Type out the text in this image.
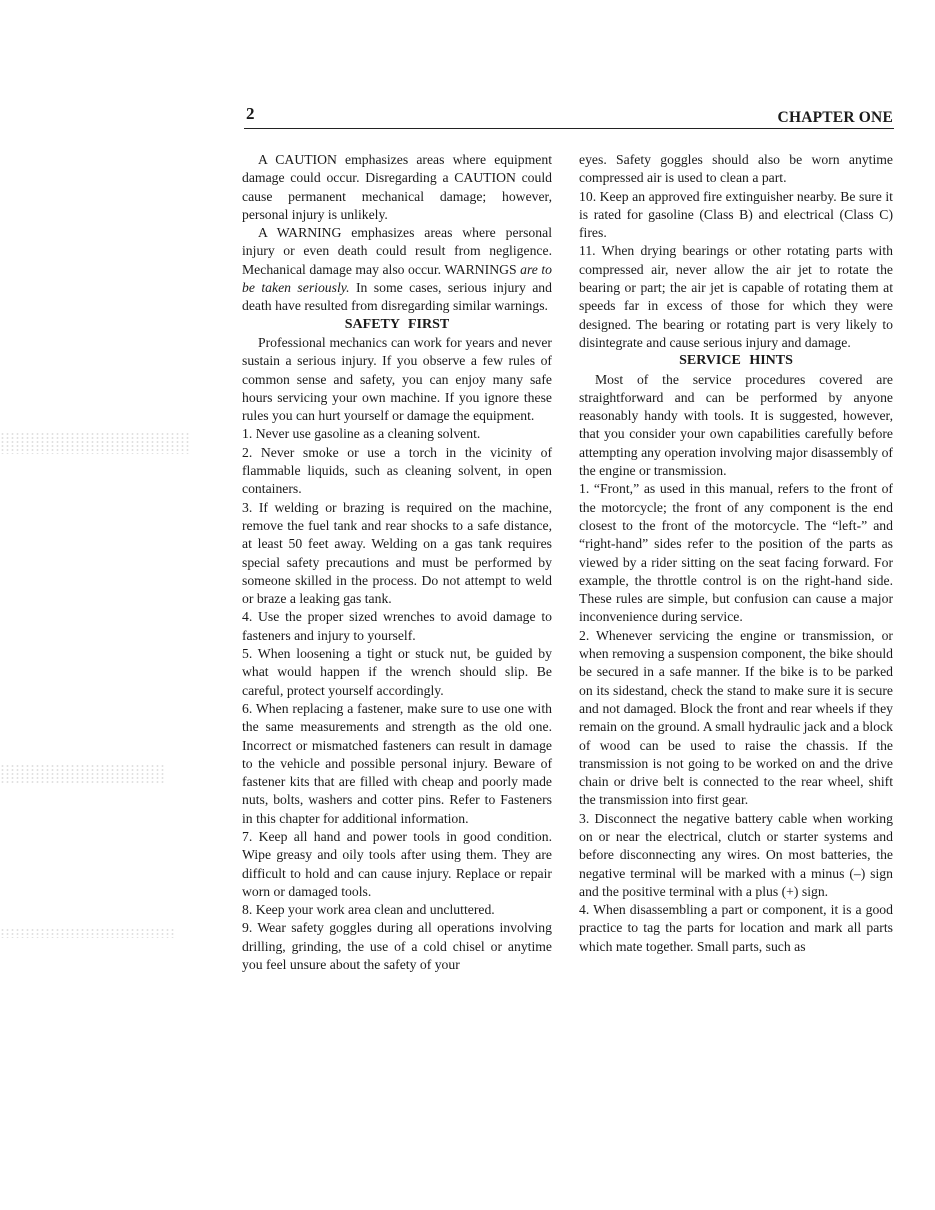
2	CHAPTER ONE

A CAUTION emphasizes areas where equipment damage could occur. Disregarding a CAUTION could cause permanent mechanical damage; however, personal injury is unlikely.

A WARNING emphasizes areas where personal injury or even death could result from negligence. Mechanical damage may also occur. WARNINGS are to be taken seriously. In some cases, serious injury and death have resulted from disregarding similar warnings.

SAFETY FIRST

Professional mechanics can work for years and never sustain a serious injury. If you observe a few rules of common sense and safety, you can enjoy many safe hours servicing your own machine. If you ignore these rules you can hurt yourself or damage the equipment.

1. Never use gasoline as a cleaning solvent.

2. Never smoke or use a torch in the vicinity of flammable liquids, such as cleaning solvent, in open containers.

3. If welding or brazing is required on the machine, remove the fuel tank and rear shocks to a safe distance, at least 50 feet away. Welding on a gas tank requires special safety precautions and must be performed by someone skilled in the process. Do not attempt to weld or braze a leaking gas tank.

4. Use the proper sized wrenches to avoid damage to fasteners and injury to yourself.

5. When loosening a tight or stuck nut, be guided by what would happen if the wrench should slip. Be careful, protect yourself accordingly.

6. When replacing a fastener, make sure to use one with the same measurements and strength as the old one. Incorrect or mismatched fasteners can result in damage to the vehicle and possible personal injury. Beware of fastener kits that are filled with cheap and poorly made nuts, bolts, washers and cotter pins. Refer to Fasteners in this chapter for additional information.

7. Keep all hand and power tools in good condition. Wipe greasy and oily tools after using them. They are difficult to hold and can cause injury. Replace or repair worn or damaged tools.

8. Keep your work area clean and uncluttered.

9. Wear safety goggles during all operations involving drilling, grinding, the use of a cold chisel or anytime you feel unsure about the safety of your

eyes. Safety goggles should also be worn anytime compressed air is used to clean a part.

10. Keep an approved fire extinguisher nearby. Be sure it is rated for gasoline (Class B) and electrical (Class C) fires.

11. When drying bearings or other rotating parts with compressed air, never allow the air jet to rotate the bearing or part; the air jet is capable of rotating them at speeds far in excess of those for which they were designed. The bearing or rotating part is very likely to disintegrate and cause serious injury and damage.

SERVICE HINTS

Most of the service procedures covered are straightforward and can be performed by anyone reasonably handy with tools. It is suggested, however, that you consider your own capabilities carefully before attempting any operation involving major disassembly of the engine or transmission.

1. “Front,” as used in this manual, refers to the front of the motorcycle; the front of any component is the end closest to the front of the motorcycle. The “left-” and “right-hand” sides refer to the position of the parts as viewed by a rider sitting on the seat facing forward. For example, the throttle control is on the right-hand side. These rules are simple, but confusion can cause a major inconvenience during service.

2. Whenever servicing the engine or transmission, or when removing a suspension component, the bike should be secured in a safe manner. If the bike is to be parked on its sidestand, check the stand to make sure it is secure and not damaged. Block the front and rear wheels if they remain on the ground. A small hydraulic jack and a block of wood can be used to raise the chassis. If the transmission is not going to be worked on and the drive chain or drive belt is connected to the rear wheel, shift the transmission into first gear.

3. Disconnect the negative battery cable when working on or near the electrical, clutch or starter systems and before disconnecting any wires. On most batteries, the negative terminal will be marked with a minus (–) sign and the positive terminal with a plus (+) sign.

4. When disassembling a part or component, it is a good practice to tag the parts for location and mark all parts which mate together. Small parts, such as
